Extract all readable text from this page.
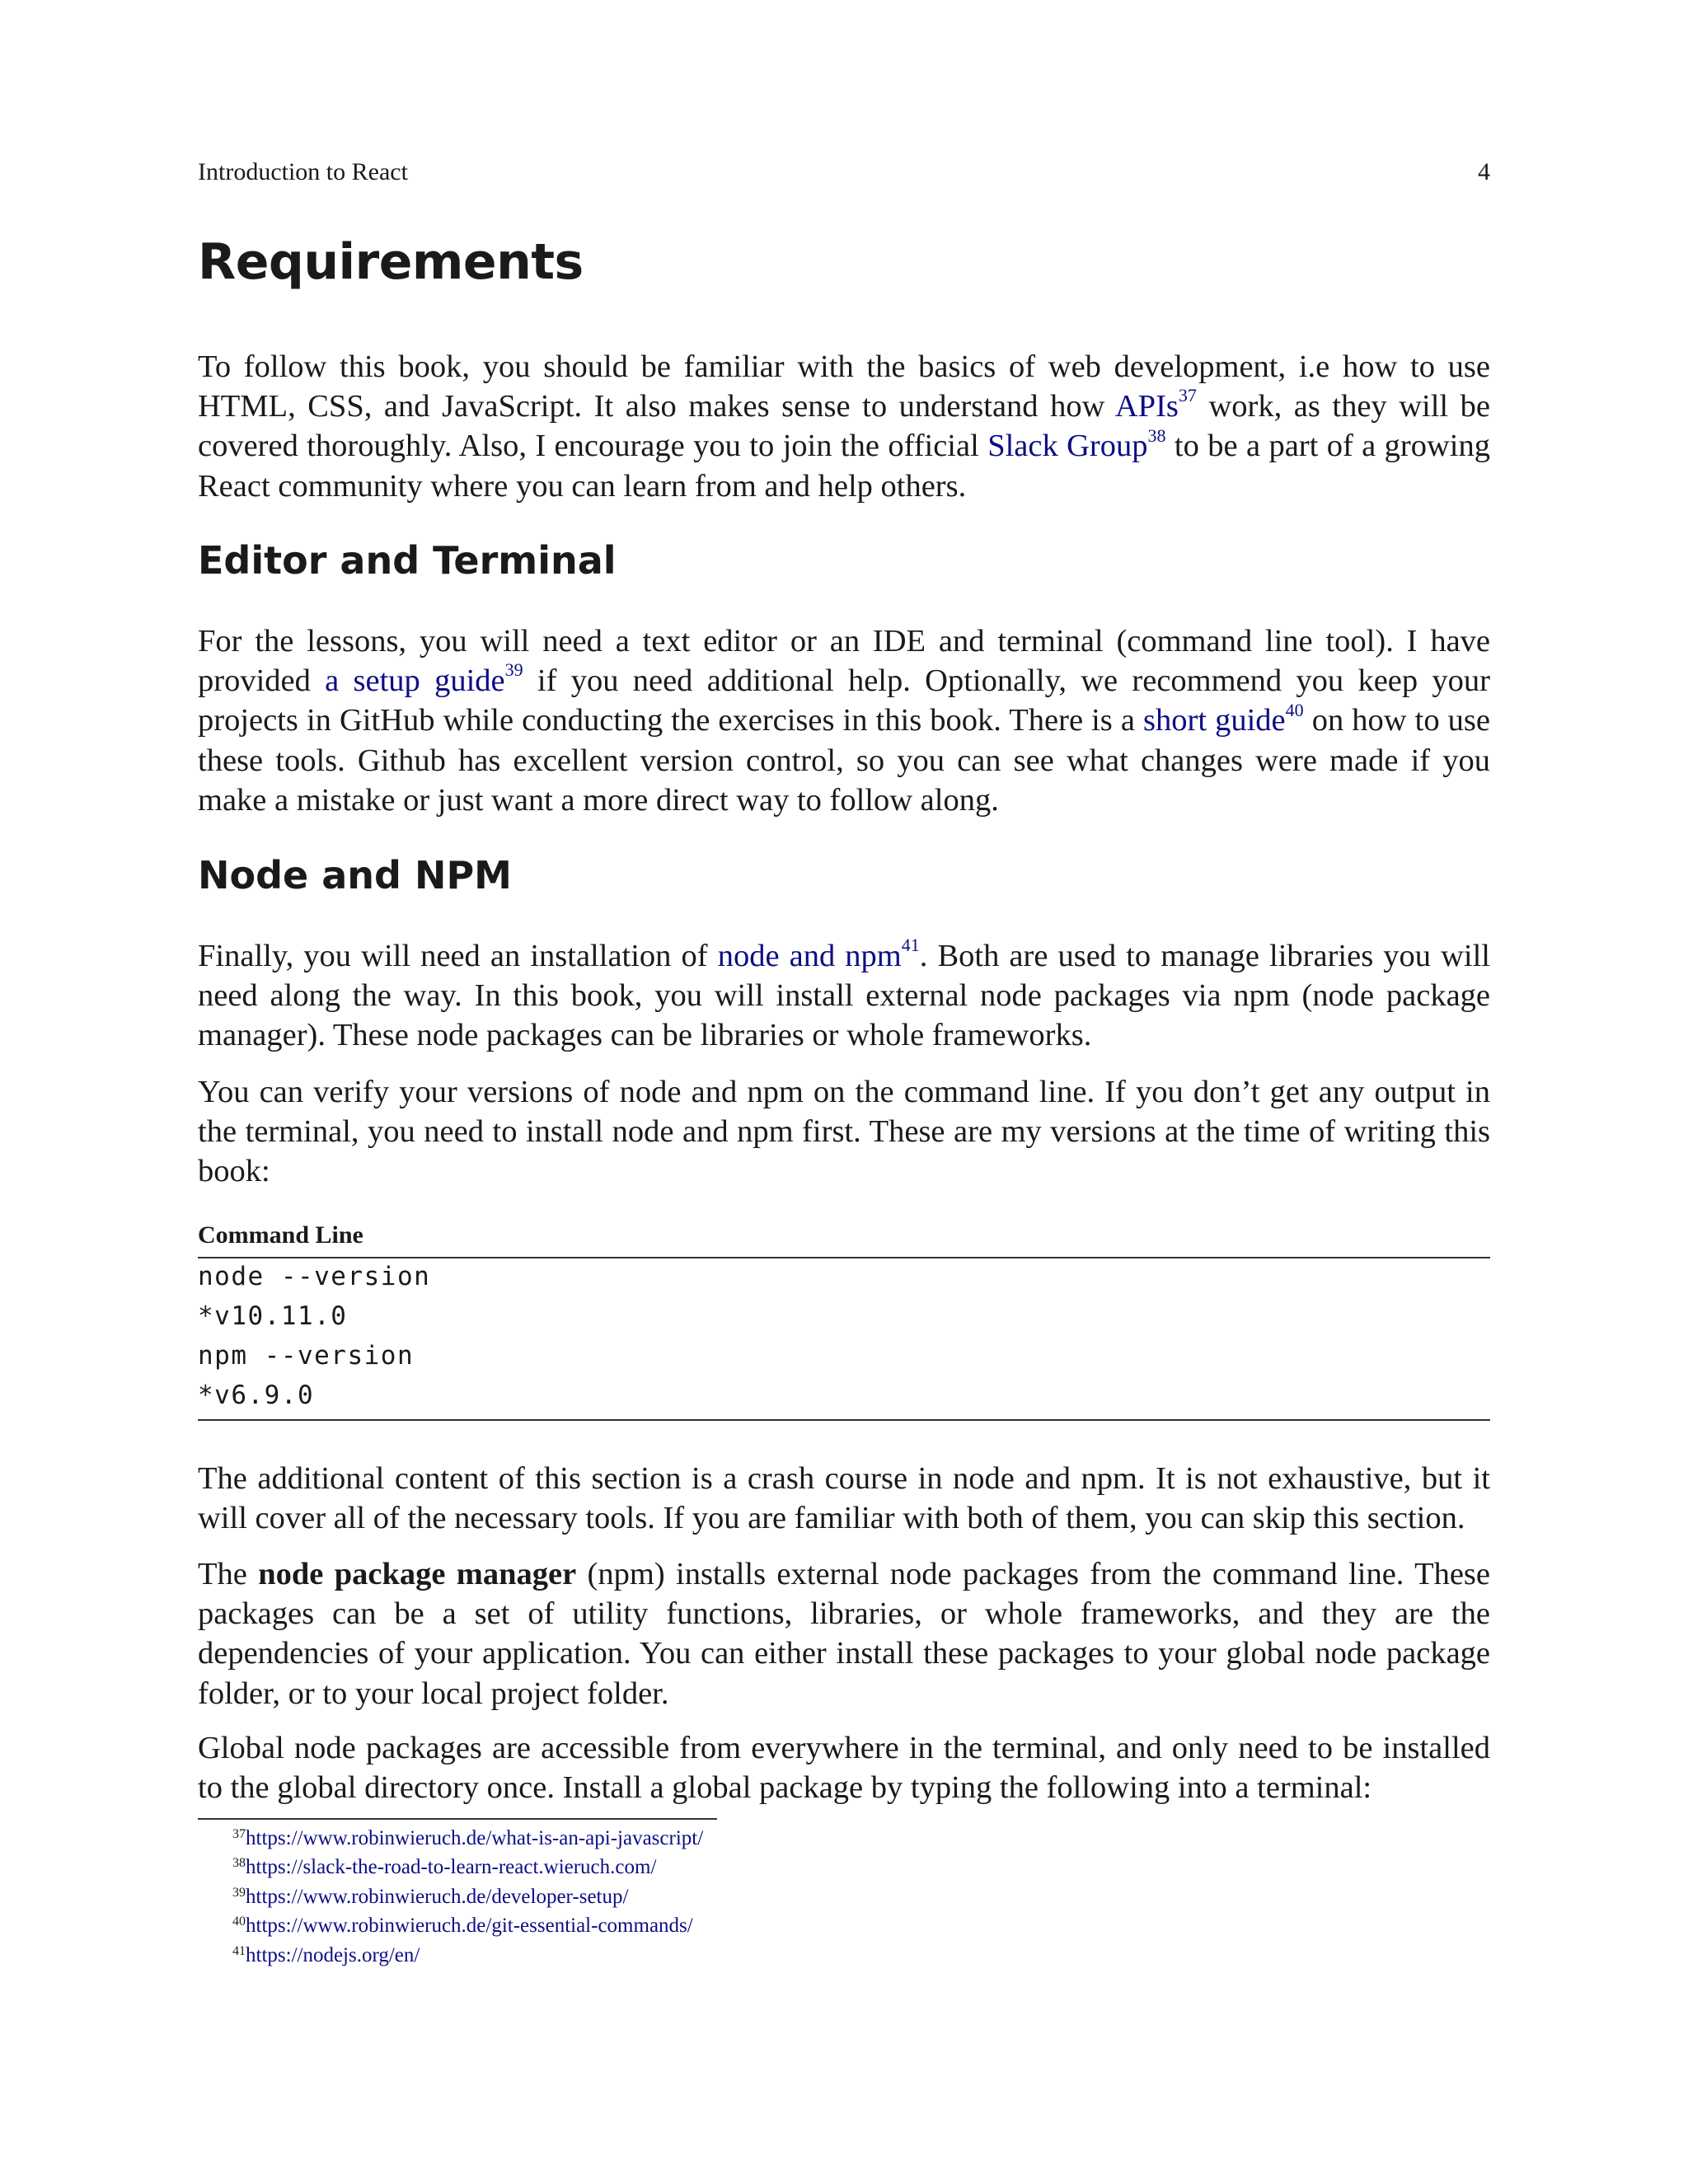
Introduction to React	4
Requirements

To follow this book, you should be familiar with the basics of web development, i.e how to use HTML, CSS, and JavaScript. It also makes sense to understand how APIs$^{37}$ work, as they will be covered thoroughly. Also, I encourage you to join the official Slack Group$^{38}$ to be a part of a growing React community where you can learn from and help others.

Editor and Terminal

For the lessons, you will need a text editor or an IDE and terminal (command line tool). I have provided a setup guide$^{39}$ if you need additional help. Optionally, we recommend you keep your projects in GitHub while conducting the exercises in this book. There is a short guide$^{40}$ on how to use these tools. Github has excellent version control, so you can see what changes were made if you make a mistake or just want a more direct way to follow along.

Node and NPM

Finally, you will need an installation of node and npm$^{41}$. Both are used to manage libraries you will need along the way. In this book, you will install external node packages via npm (node package manager). These node packages can be libraries or whole frameworks.

You can verify your versions of node and npm on the command line. If you don’t get any output in the terminal, you need to install node and npm first. These are my versions at the time of writing this book:

Command Line
node --version
*v10.11.0
npm --version
*v6.9.0

The additional content of this section is a crash course in node and npm. It is not exhaustive, but it will cover all of the necessary tools. If you are familiar with both of them, you can skip this section.

The node package manager (npm) installs external node packages from the command line. These packages can be a set of utility functions, libraries, or whole frameworks, and they are the dependencies of your application. You can either install these packages to your global node package folder, or to your local project folder.

Global node packages are accessible from everywhere in the terminal, and only need to be installed to the global directory once. Install a global package by typing the following into a terminal:

$^{37}$https://www.robinwieruch.de/what-is-an-api-javascript/
$^{38}$https://slack-the-road-to-learn-react.wieruch.com/
$^{39}$https://www.robinwieruch.de/developer-setup/
$^{40}$https://www.robinwieruch.de/git-essential-commands/
$^{41}$https://nodejs.org/en/
